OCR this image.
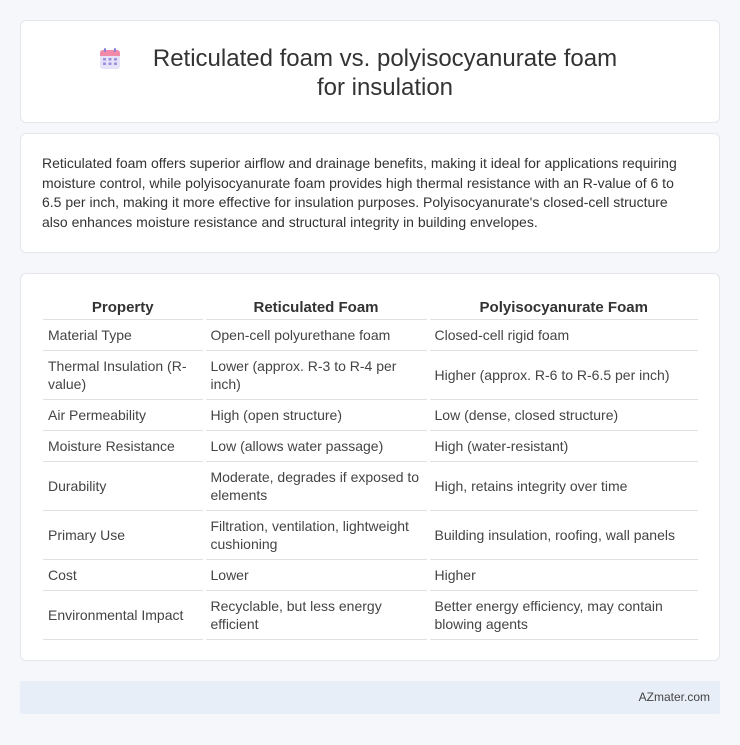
Reticulated foam vs. polyisocyanurate foam for insulation

Reticulated foam offers superior airflow and drainage benefits, making it ideal for applications requiring moisture control, while polyisocyanurate foam provides high thermal resistance with an R-value of 6 to 6.5 per inch, making it more effective for insulation purposes. Polyisocyanurate's closed-cell structure also enhances moisture resistance and structural integrity in building envelopes.

Property	Reticulated Foam	Polyisocyanurate Foam
Material Type	Open-cell polyurethane foam	Closed-cell rigid foam
Thermal Insulation (R-value)	Lower (approx. R-3 to R-4 per inch)	Higher (approx. R-6 to R-6.5 per inch)
Air Permeability	High (open structure)	Low (dense, closed structure)
Moisture Resistance	Low (allows water passage)	High (water-resistant)
Durability	Moderate, degrades if exposed to elements	High, retains integrity over time
Primary Use	Filtration, ventilation, lightweight cushioning	Building insulation, roofing, wall panels
Cost	Lower	Higher
Environmental Impact	Recyclable, but less energy efficient	Better energy efficiency, may contain blowing agents
AZmater.com
